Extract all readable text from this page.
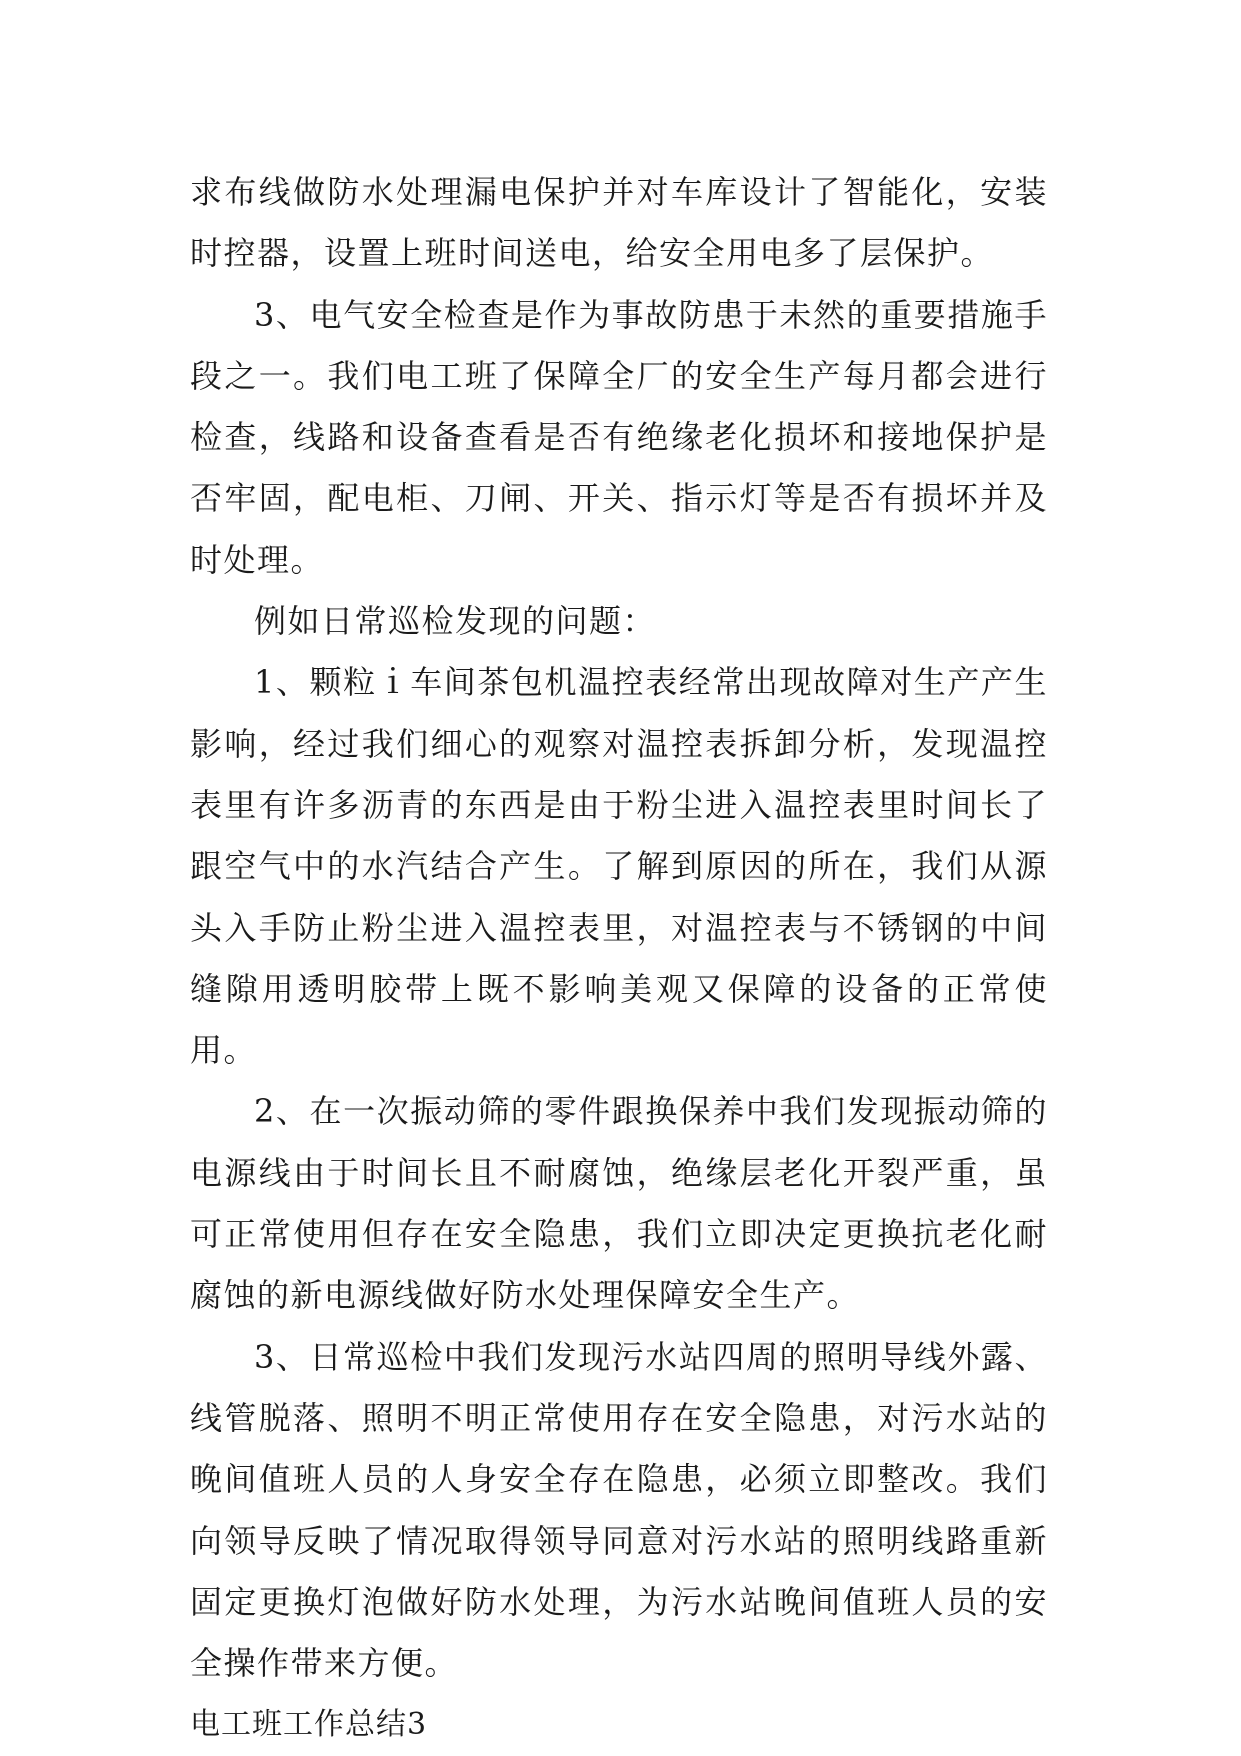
求布线做防水处理漏电保护并对车库设计了智能化，安装时控器，设置上班时间送电，给安全用电多了层保护。

3、电气安全检查是作为事故防患于未然的重要措施手段之一。我们电工班了保障全厂的安全生产每月都会进行检查，线路和设备查看是否有绝缘老化损坏和接地保护是否牢固，配电柜、刀闸、开关、指示灯等是否有损坏并及时处理。

例如日常巡检发现的问题：

1、颗粒ｉ车间茶包机温控表经常出现故障对生产产生影响，经过我们细心的观察对温控表拆卸分析，发现温控表里有许多沥青的东西是由于粉尘进入温控表里时间长了跟空气中的水汽结合产生。了解到原因的所在，我们从源头入手防止粉尘进入温控表里，对温控表与不锈钢的中间缝隙用透明胶带上既不影响美观又保障的设备的正常使用。

2、在一次振动筛的零件跟换保养中我们发现振动筛的电源线由于时间长且不耐腐蚀，绝缘层老化开裂严重，虽可正常使用但存在安全隐患，我们立即决定更换抗老化耐腐蚀的新电源线做好防水处理保障安全生产。

3、日常巡检中我们发现污水站四周的照明导线外露、线管脱落、照明不明正常使用存在安全隐患，对污水站的晚间值班人员的人身安全存在隐患，必须立即整改。我们向领导反映了情况取得领导同意对污水站的照明线路重新固定更换灯泡做好防水处理，为污水站晚间值班人员的安全操作带来方便。

电工班工作总结3
